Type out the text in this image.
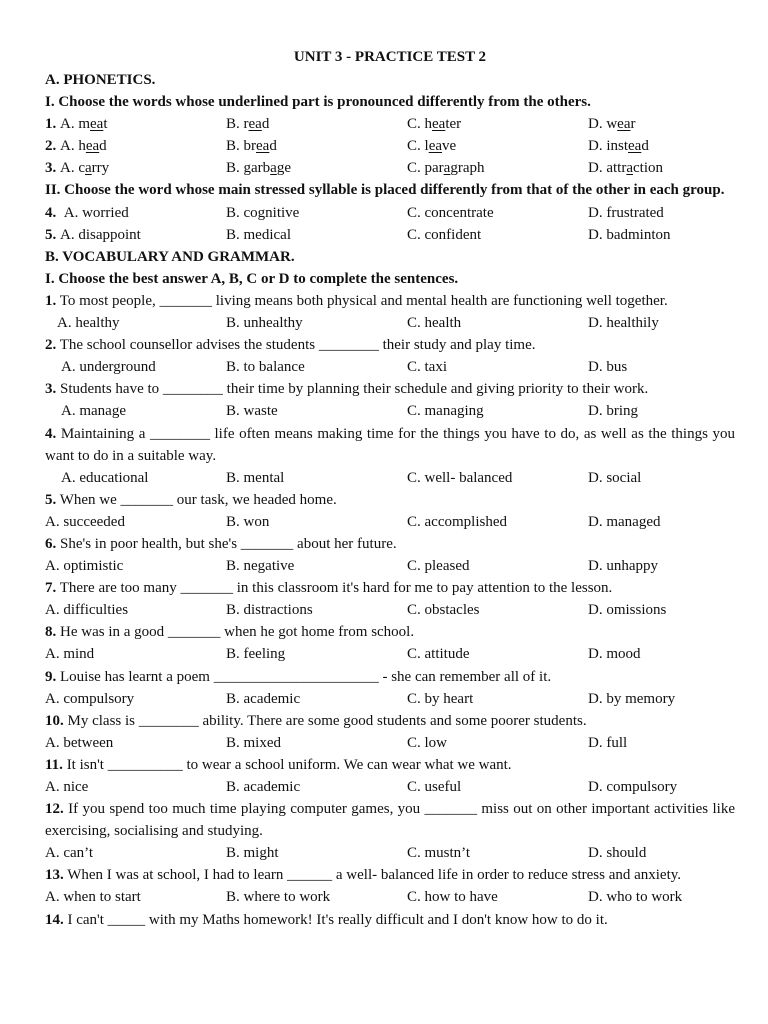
UNIT 3 - PRACTICE TEST 2
A. PHONETICS.
I. Choose the words whose underlined part is pronounced differently from the others.
1. A. meat	B. read	C. heater	D. wear
2. A. head	B. bread	C. leave	D. instead
3. A. carry	B. garbage	C. paragraph	D. attraction
II. Choose the word whose main stressed syllable is placed differently from that of the other in each group.
4.  A. worried	B. cognitive	C. concentrate	D. frustrated
5. A. disappoint	B. medical	C. confident	D. badminton
B. VOCABULARY AND GRAMMAR.
I. Choose the best answer A, B, C or D to complete the sentences.
1. To most people, _______ living means both physical and mental health are functioning well together.
A. healthy	B. unhealthy	C. health	D. healthily
2. The school counsellor advises the students ________ their study and play time.
A. underground	B. to balance	C. taxi	D. bus
3. Students have to ________ their time by planning their schedule and giving priority to their work.
A. manage	B. waste	C. managing	D. bring
4. Maintaining a ________ life often means making time for the things you have to do, as well as the things you want to do in a suitable way.
A. educational	B. mental	C. well- balanced	D. social
5. When we _______ our task, we headed home.
A. succeeded	B. won	C. accomplished	D. managed
6. She's in poor health, but she's _______ about her future.
A. optimistic	B. negative	C. pleased	D. unhappy
7. There are too many _______ in this classroom it's hard for me to pay attention to the lesson.
A. difficulties	B. distractions	C. obstacles	D. omissions
8. He was in a good _______ when he got home from school.
A. mind	B. feeling	C. attitude	D. mood
9. Louise has learnt a poem ______________________ - she can remember all of it.
A. compulsory	B. academic	C. by heart	D. by memory
10. My class is ________ ability. There are some good students and some poorer students.
A. between	B. mixed	C. low	D. full
11. It isn't __________ to wear a school uniform. We can wear what we want.
A. nice	B. academic	C. useful	D. compulsory
12. If you spend too much time playing computer games, you _______ miss out on other important activities like exercising, socialising and studying.
A. can’t	B. might	C. mustn’t	D. should
13. When I was at school, I had to learn ______ a well- balanced life in order to reduce stress and anxiety.
A. when to start	B. where to work	C. how to have	D. who to work
14. I can't _____ with my Maths homework! It's really difficult and I don't know how to do it.
